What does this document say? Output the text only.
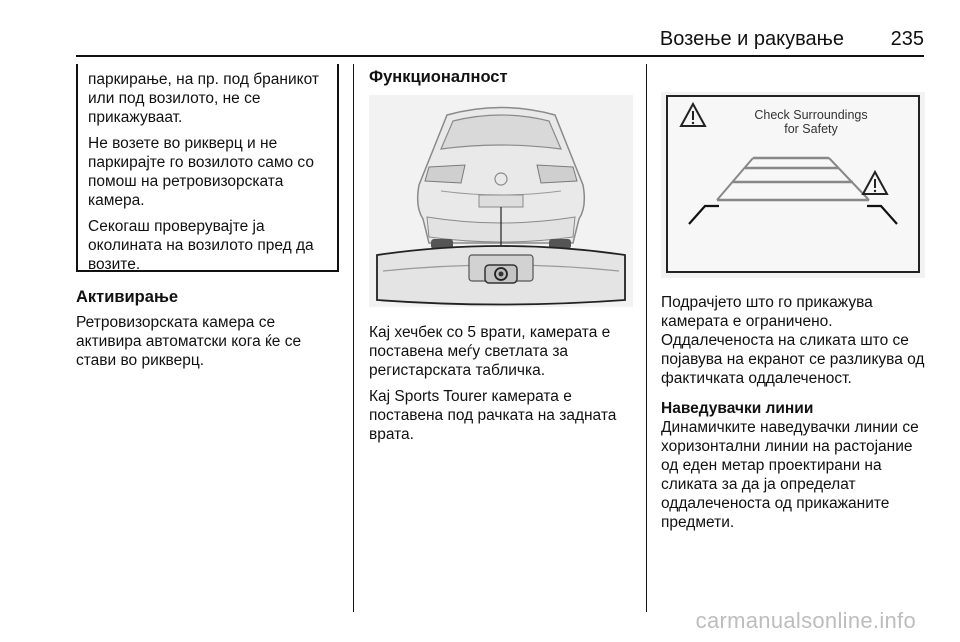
Возење и ракување 235

паркирање, на пр. под браникот или под возилото, не се прикажуваат.

Не возете во рикверц и не паркирајте го возилото само со помош на ретровизорската камера.

Секогаш проверувајте ја околината на возилото пред да возите.

Активирање

Ретровизорската камера се активира автоматски кога ќе се стави во рикверц.

Функционалност

Кај хечбек со 5 врати, камерата е поставена меѓу светлата за регистарската табличка.

Кај Sports Tourer камерата е поставена под рачката на задната врата.

Check Surroundings
for Safety

Подрачјето што го прикажува камерата е ограничено. Оддалеченоста на сликата што се појавува на екранот се разликува од фактичката оддалеченост.

Наведувачки линии

Динамичките наведувачки линии се хоризонтални линии на растојание од еден метар проектирани на сликата за да ја определат оддалеченоста од прикажаните предмети.

carmanualsonline.info
